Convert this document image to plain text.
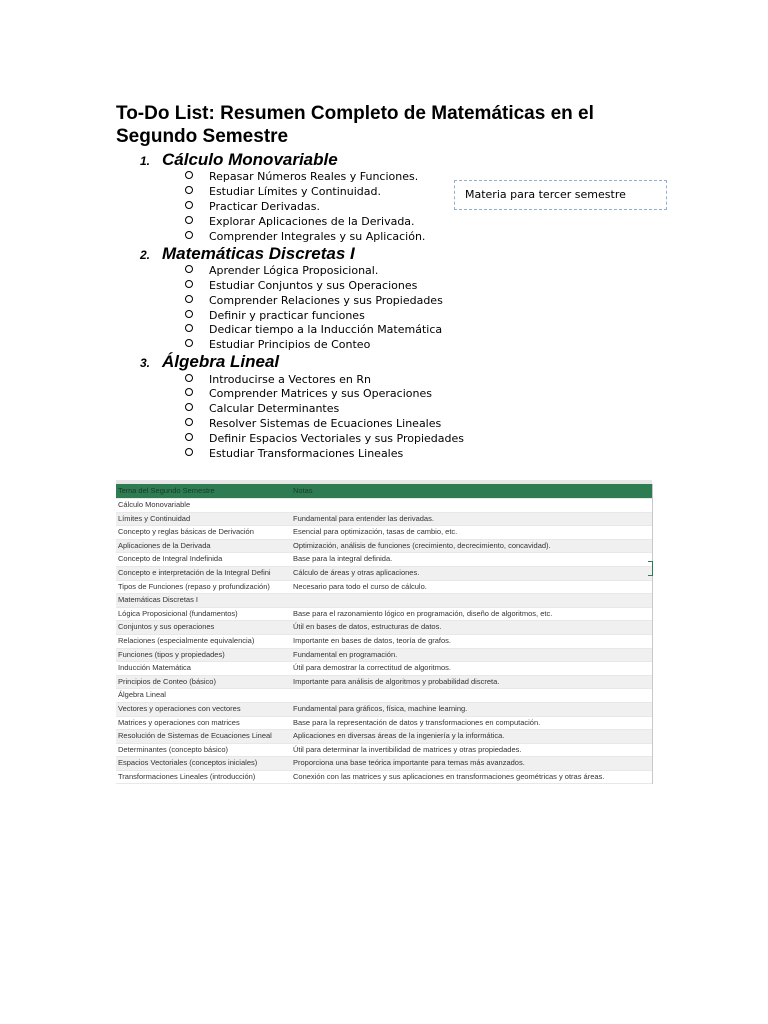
To-Do List: Resumen Completo de Matemáticas en el Segundo Semestre
1. Cálculo Monovariable
Repasar Números Reales y Funciones.
Estudiar Límites y Continuidad.
Practicar Derivadas.
Explorar Aplicaciones de la Derivada.
Comprender Integrales y su Aplicación.
Materia para tercer semestre
2. Matemáticas Discretas I
Aprender Lógica Proposicional.
Estudiar Conjuntos y sus Operaciones
Comprender Relaciones y sus Propiedades
Definir y practicar funciones
Dedicar tiempo a la Inducción Matemática
Estudiar Principios de Conteo
3. Álgebra Lineal
Introducirse a Vectores en Rn
Comprender Matrices y sus Operaciones
Calcular Determinantes
Resolver Sistemas de Ecuaciones Lineales
Definir Espacios Vectoriales y sus Propiedades
Estudiar Transformaciones Lineales
Tema del Segundo Semestre	Notas
Cálculo Monovariable
Límites y Continuidad	Fundamental para entender las derivadas.
Concepto y reglas básicas de Derivación	Esencial para optimización, tasas de cambio, etc.
Aplicaciones de la Derivada	Optimización, análisis de funciones (crecimiento, decrecimiento, concavidad).
Concepto de Integral Indefinida	Base para la integral definida.
Concepto e interpretación de la Integral Defini	Cálculo de áreas y otras aplicaciones.
Tipos de Funciones (repaso y profundización)	Necesario para todo el curso de cálculo.
Matemáticas Discretas I
Lógica Proposicional (fundamentos)	Base para el razonamiento lógico en programación, diseño de algoritmos, etc.
Conjuntos y sus operaciones	Útil en bases de datos, estructuras de datos.
Relaciones (especialmente equivalencia)	Importante en bases de datos, teoría de grafos.
Funciones (tipos y propiedades)	Fundamental en programación.
Inducción Matemática	Útil para demostrar la correctitud de algoritmos.
Principios de Conteo (básico)	Importante para análisis de algoritmos y probabilidad discreta.
Álgebra Lineal
Vectores y operaciones con vectores	Fundamental para gráficos, física, machine learning.
Matrices y operaciones con matrices	Base para la representación de datos y transformaciones en computación.
Resolución de Sistemas de Ecuaciones Lineal	Aplicaciones en diversas áreas de la ingeniería y la informática.
Determinantes (concepto básico)	Útil para determinar la invertibilidad de matrices y otras propiedades.
Espacios Vectoriales (conceptos iniciales)	Proporciona una base teórica importante para temas más avanzados.
Transformaciones Lineales (introducción)	Conexión con las matrices y sus aplicaciones en transformaciones geométricas y otras áreas.
